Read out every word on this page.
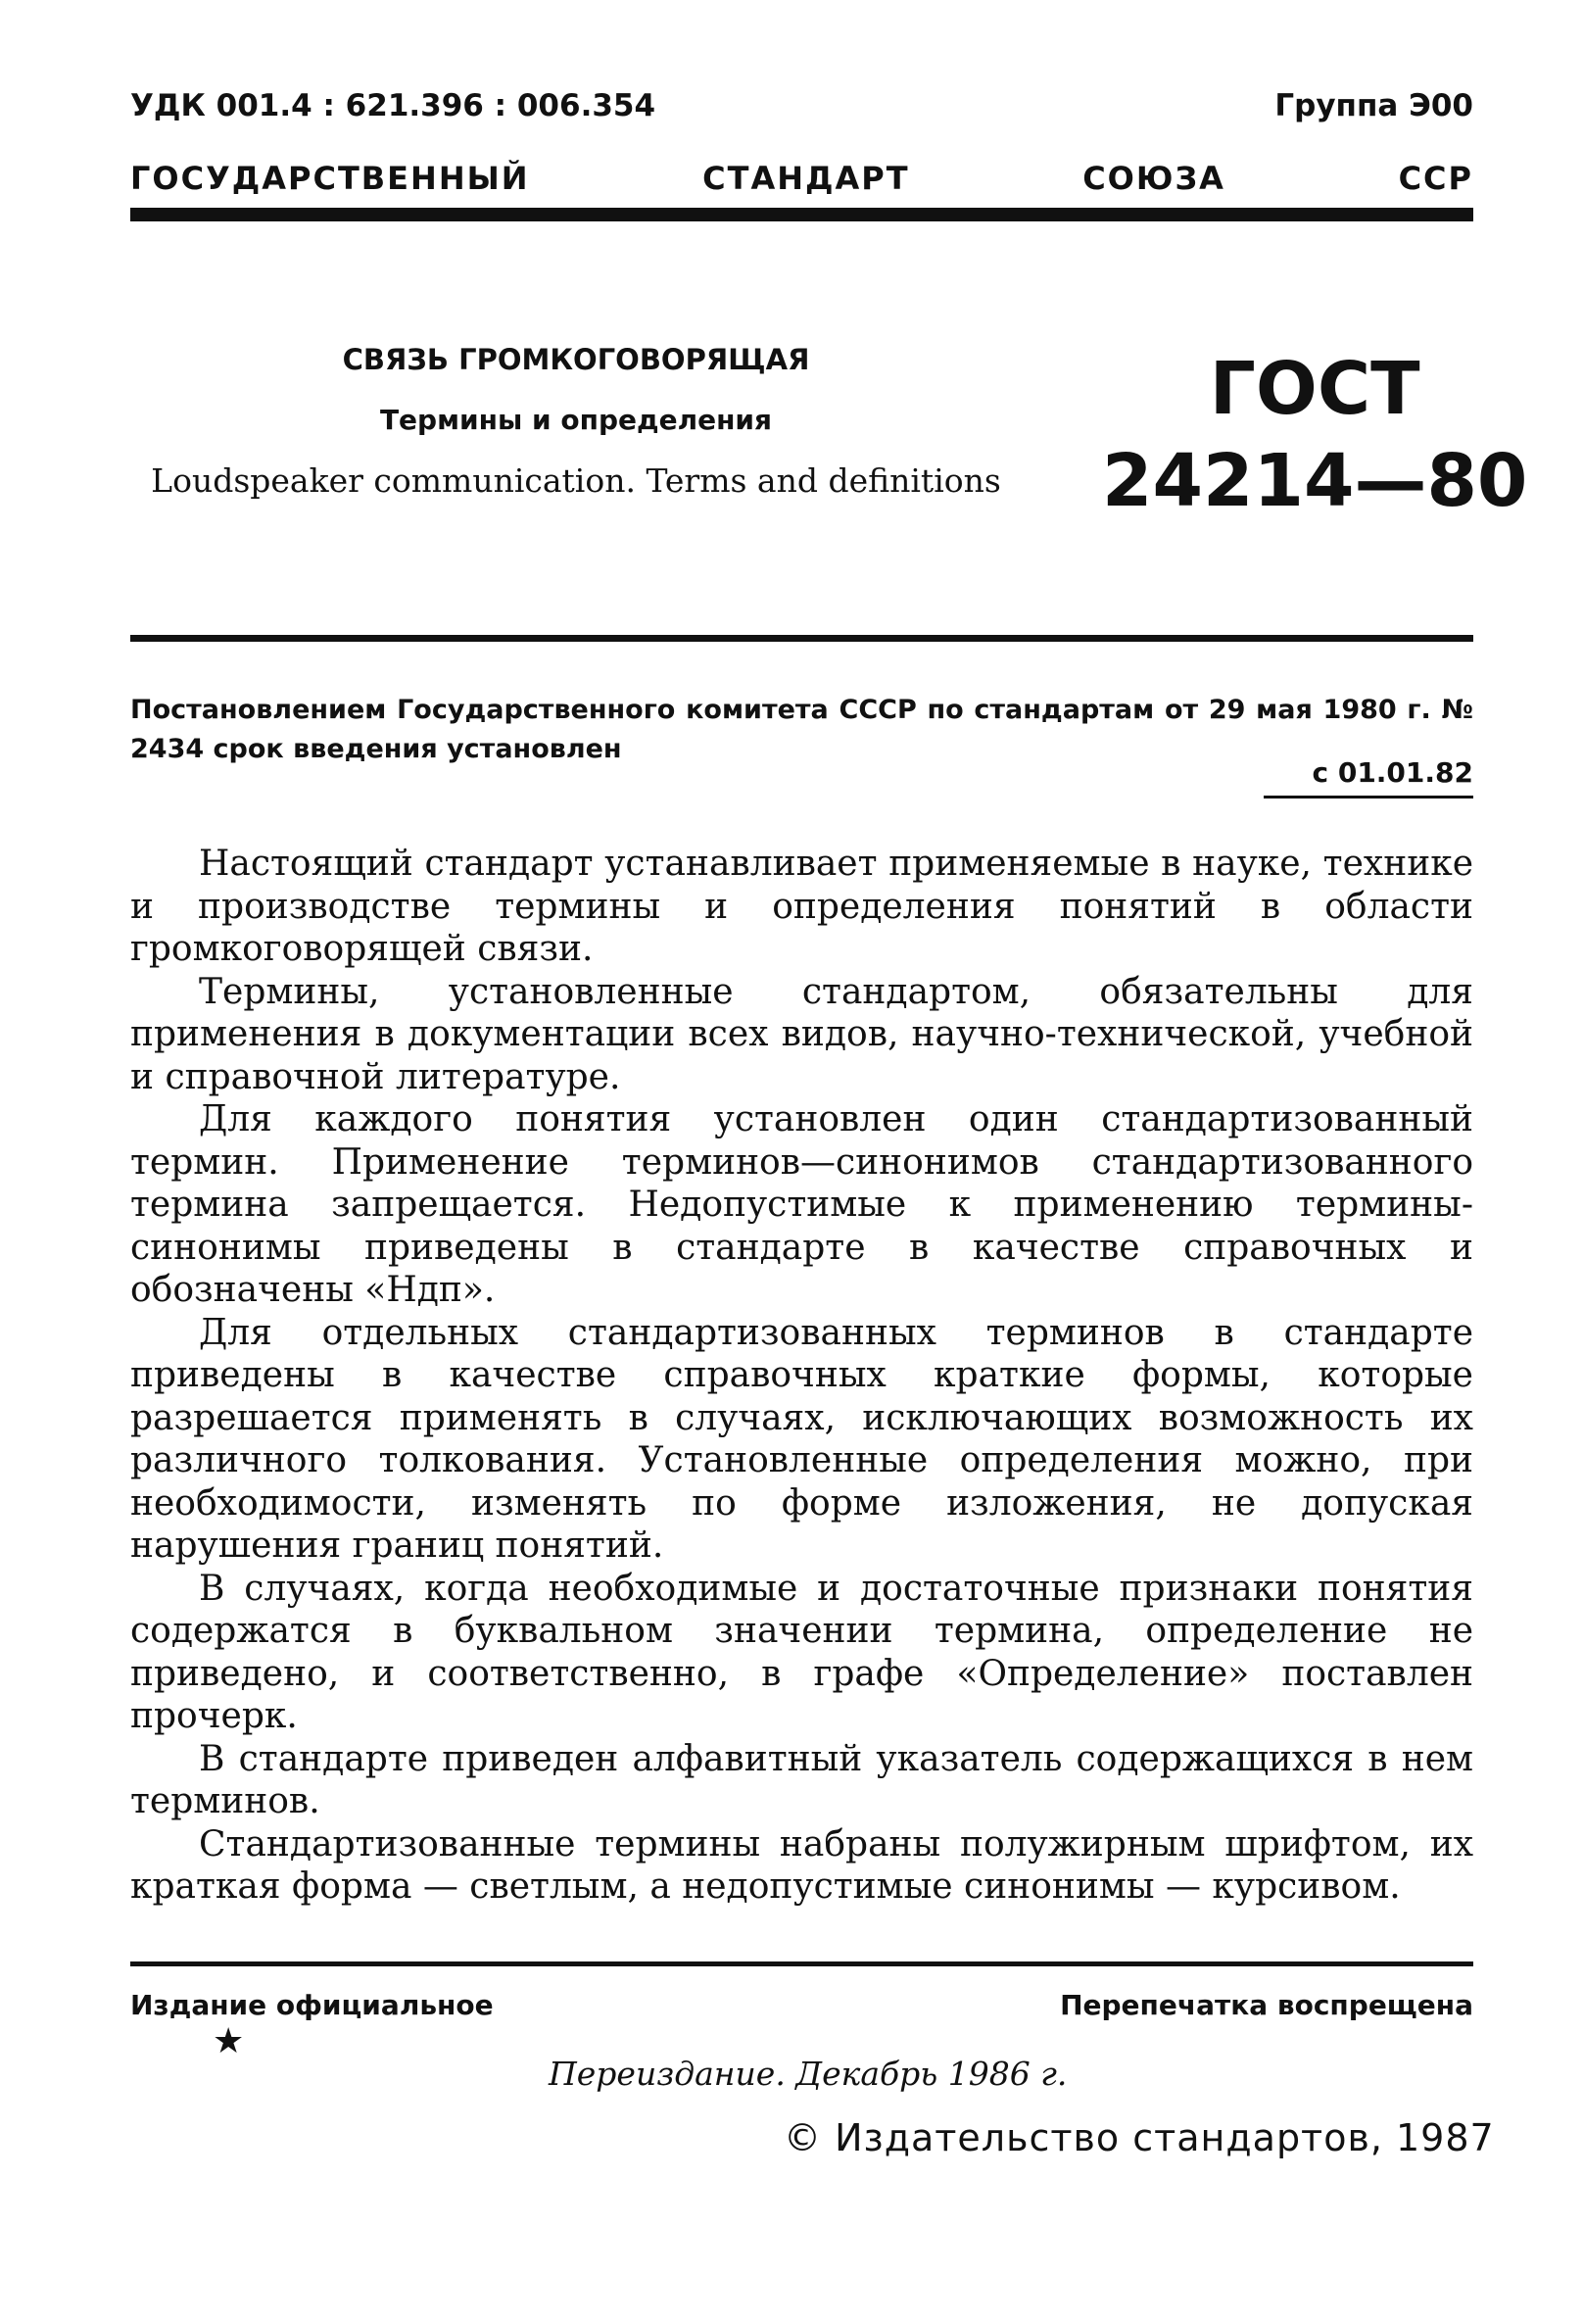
УДК 001.4 : 621.396 : 006.354	Группа Э00
ГОСУДАРСТВЕННЫЙ	СТАНДАРТ	СОЮЗА	ССР
СВЯЗЬ ГРОМКОГОВОРЯЩАЯ
Термины и определения
Loudspeaker communication. Terms and definitions
ГОСТ
24214—80
Постановлением Государственного комитета СССР по стандартам от 29 мая 1980 г. № 2434 срок введения установлен
с 01.01.82

Настоящий стандарт устанавливает применяемые в науке, технике и производстве термины и определения понятий в области громкоговорящей связи.

Термины, установленные стандартом, обязательны для применения в документации всех видов, научно-технической, учебной и справочной литературе.

Для каждого понятия установлен один стандартизованный термин. Применение терминов—синонимов стандартизованного термина запрещается. Недопустимые к применению термины-синонимы приведены в стандарте в качестве справочных и обозначены «Ндп».

Для отдельных стандартизованных терминов в стандарте приведены в качестве справочных краткие формы, которые разрешается применять в случаях, исключающих возможность их различного толкования. Установленные определения можно, при необходимости, изменять по форме изложения, не допуская нарушения границ понятий.

В случаях, когда необходимые и достаточные признаки понятия содержатся в буквальном значении термина, определение не приведено, и соответственно, в графе «Определение» поставлен прочерк.

В стандарте приведен алфавитный указатель содержащихся в нем терминов.

Стандартизованные термины набраны полужирным шрифтом, их краткая форма — светлым, а недопустимые синонимы — курсивом.

Издание официальное	Перепечатка воспрещена
★
Переиздание. Декабрь 1986 г.
© Издательство стандартов, 1987
